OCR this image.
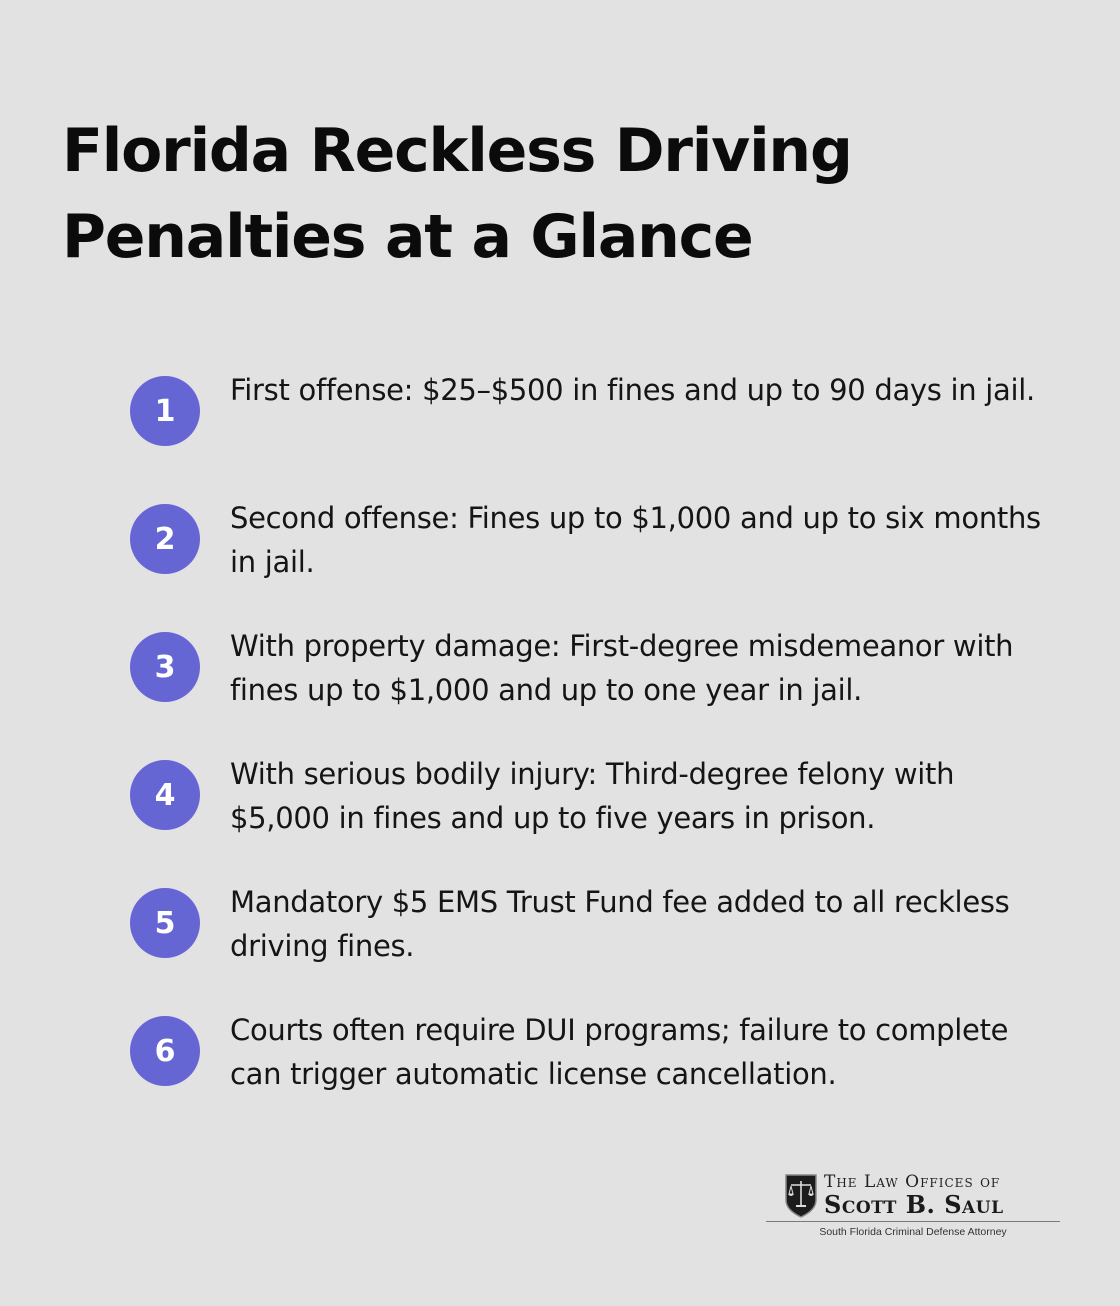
Florida Reckless Driving Penalties at a Glance
1
First offense: $25–$500 in fines and up to 90 days in jail.
2
Second offense: Fines up to $1,000 and up to six months in jail.
3
With property damage: First-degree misdemeanor with fines up to $1,000 and up to one year in jail.
4
With serious bodily injury: Third-degree felony with $5,000 in fines and up to five years in prison.
5
Mandatory $5 EMS Trust Fund fee added to all reckless driving fines.
6
Courts often require DUI programs; failure to complete can trigger automatic license cancellation.
The Law Offices of
Scott B. Saul
South Florida Criminal Defense Attorney
